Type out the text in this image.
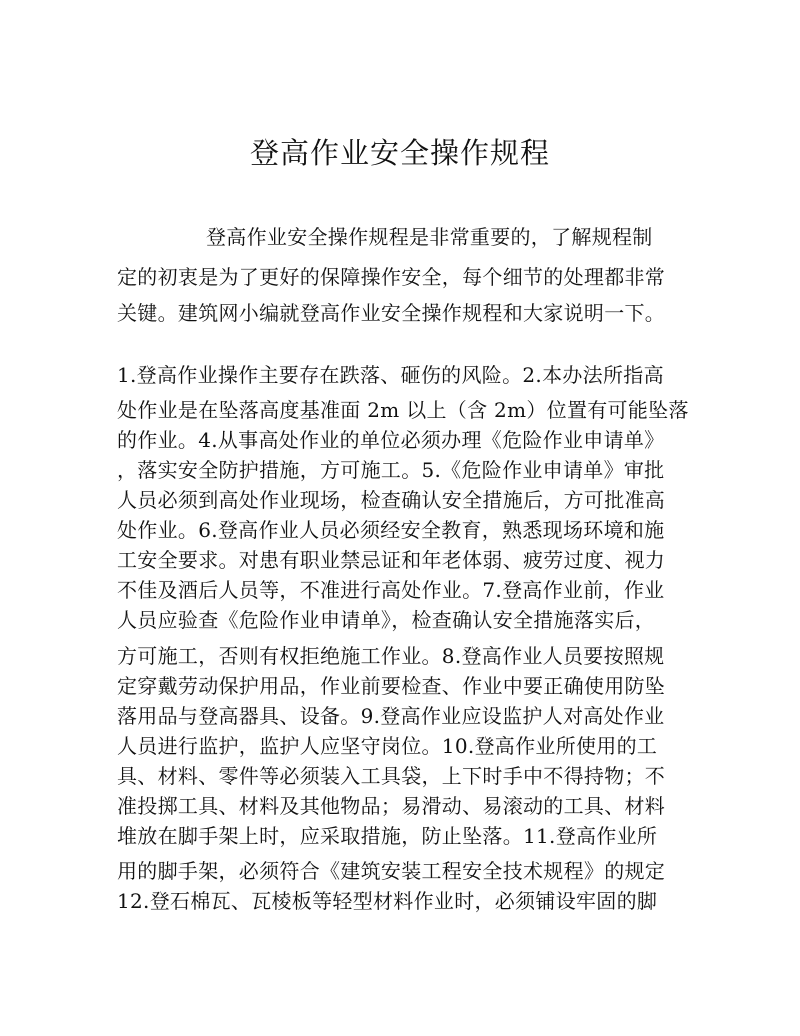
登高作业安全操作规程

登高作业安全操作规程是非常重要的，了解规程制

定的初衷是为了更好的保障操作安全，每个细节的处理都非常

关键。建筑网小编就登高作业安全操作规程和大家说明一下。

1.登高作业操作主要存在跌落、砸伤的风险。2.本办法所指高

处作业是在坠落高度基准面 2m 以上（含 2m）位置有可能坠落

的作业。4.从事高处作业的单位必须办理《危险作业申请单》

，落实安全防护措施，方可施工。5.《危险作业申请单》审批

人员必须到高处作业现场，检查确认安全措施后，方可批准高

处作业。6.登高作业人员必须经安全教育，熟悉现场环境和施

工安全要求。对患有职业禁忌证和年老体弱、疲劳过度、视力

不佳及酒后人员等，不准进行高处作业。7.登高作业前，作业

人员应验查《危险作业申请单》，检查确认安全措施落实后，

方可施工，否则有权拒绝施工作业。8.登高作业人员要按照规

定穿戴劳动保护用品，作业前要检查、作业中要正确使用防坠

落用品与登高器具、设备。9.登高作业应设监护人对高处作业

人员进行监护，监护人应坚守岗位。10.登高作业所使用的工

具、材料、零件等必须装入工具袋，上下时手中不得持物；不

准投掷工具、材料及其他物品；易滑动、易滚动的工具、材料

堆放在脚手架上时，应采取措施，防止坠落。11.登高作业所

用的脚手架，必须符合《建筑安装工程安全技术规程》的规定

12.登石棉瓦、瓦棱板等轻型材料作业时，必须铺设牢固的脚
